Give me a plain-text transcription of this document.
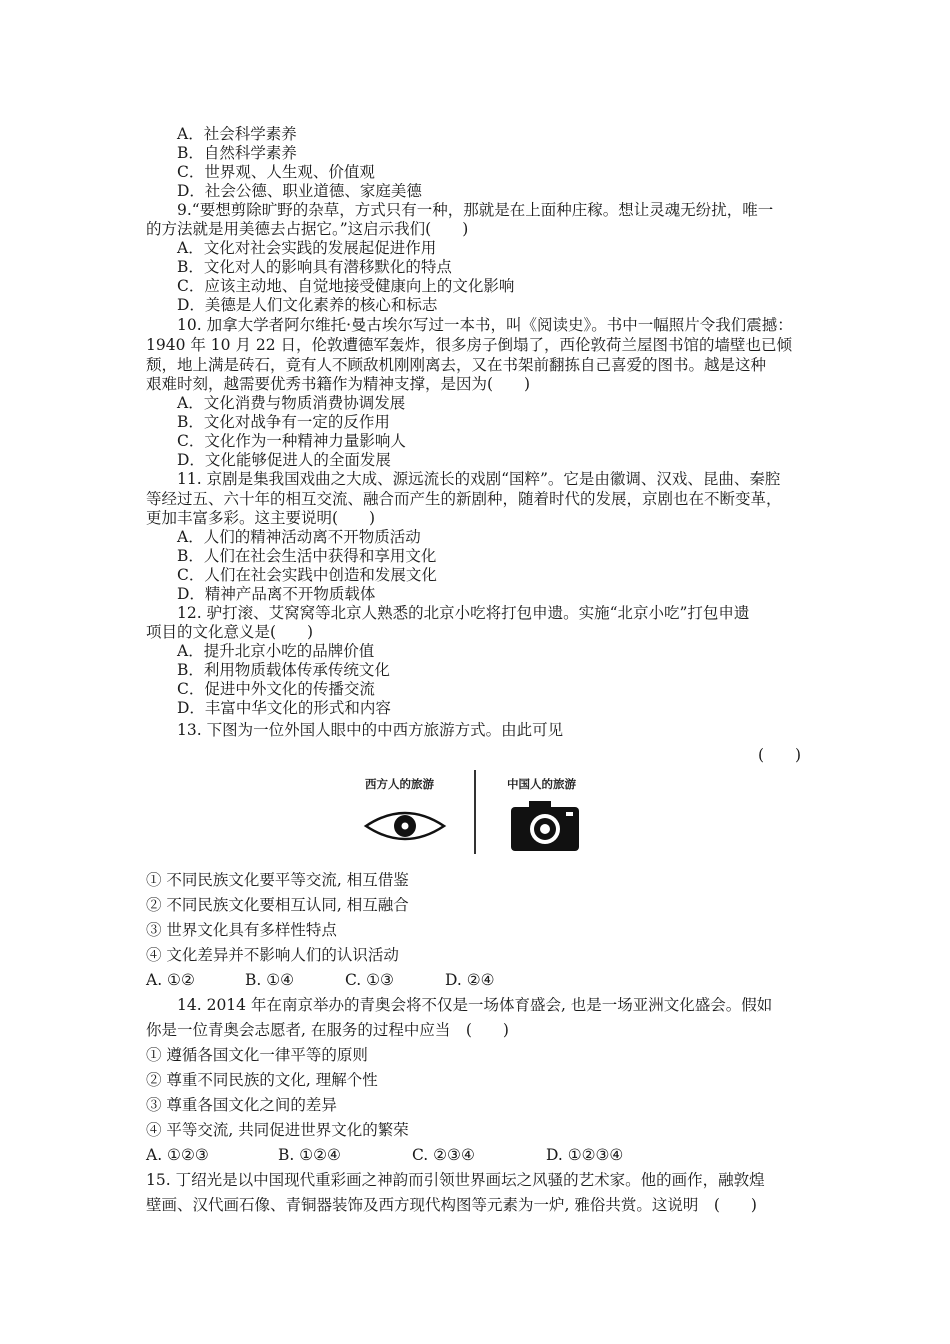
A．社会科学素养
B．自然科学素养
C．世界观、人生观、价值观
D．社会公德、职业道德、家庭美德
9.“要想剪除旷野的杂草，方式只有一种，那就是在上面种庄稼。想让灵魂无纷扰，唯一
的方法就是用美德去占据它。”这启示我们(　　)
A．文化对社会实践的发展起促进作用
B．文化对人的影响具有潜移默化的特点
C．应该主动地、自觉地接受健康向上的文化影响
D．美德是人们文化素养的核心和标志
10. 加拿大学者阿尔维托·曼古埃尔写过一本书，叫《阅读史》。书中一幅照片令我们震撼：
1940 年 10 月 22 日，伦敦遭德军轰炸，很多房子倒塌了，西伦敦荷兰屋图书馆的墙壁也已倾
颓，地上满是砖石，竟有人不顾敌机刚刚离去，又在书架前翻拣自己喜爱的图书。越是这种
艰难时刻，越需要优秀书籍作为精神支撑，是因为(　　)
A．文化消费与物质消费协调发展
B．文化对战争有一定的反作用
C．文化作为一种精神力量影响人
D．文化能够促进人的全面发展
11. 京剧是集我国戏曲之大成、源远流长的戏剧“国粹”。它是由徽调、汉戏、昆曲、秦腔
等经过五、六十年的相互交流、融合而产生的新剧种，随着时代的发展，京剧也在不断变革，
更加丰富多彩。这主要说明(　　)
A．人们的精神活动离不开物质活动
B．人们在社会生活中获得和享用文化
C．人们在社会实践中创造和发展文化
D．精神产品离不开物质载体
12. 驴打滚、艾窝窝等北京人熟悉的北京小吃将打包申遗。实施“北京小吃”打包申遗
项目的文化意义是(　　)
A．提升北京小吃的品牌价值
B．利用物质载体传承传统文化
C．促进中外文化的传播交流
D．丰富中华文化的形式和内容
13. 下图为一位外国人眼中的中西方旅游方式。由此可见
(　　)
西方人的旅游	中国人的旅游
① 不同民族文化要平等交流, 相互借鉴
② 不同民族文化要相互认同, 相互融合
③ 世界文化具有多样性特点
④ 文化差异并不影响人们的认识活动
A. ①②	B. ①④	C. ①③	D. ②④
14. 2014 年在南京举办的青奥会将不仅是一场体育盛会, 也是一场亚洲文化盛会。假如
你是一位青奥会志愿者, 在服务的过程中应当　(　　)
① 遵循各国文化一律平等的原则
② 尊重不同民族的文化, 理解个性
③ 尊重各国文化之间的差异
④ 平等交流, 共同促进世界文化的繁荣
A. ①②③	B. ①②④	C. ②③④	D. ①②③④
15. 丁绍光是以中国现代重彩画之神韵而引领世界画坛之风骚的艺术家。他的画作，融敦煌
壁画、汉代画石像、青铜器装饰及西方现代构图等元素为一炉, 雅俗共赏。这说明　(　　)
